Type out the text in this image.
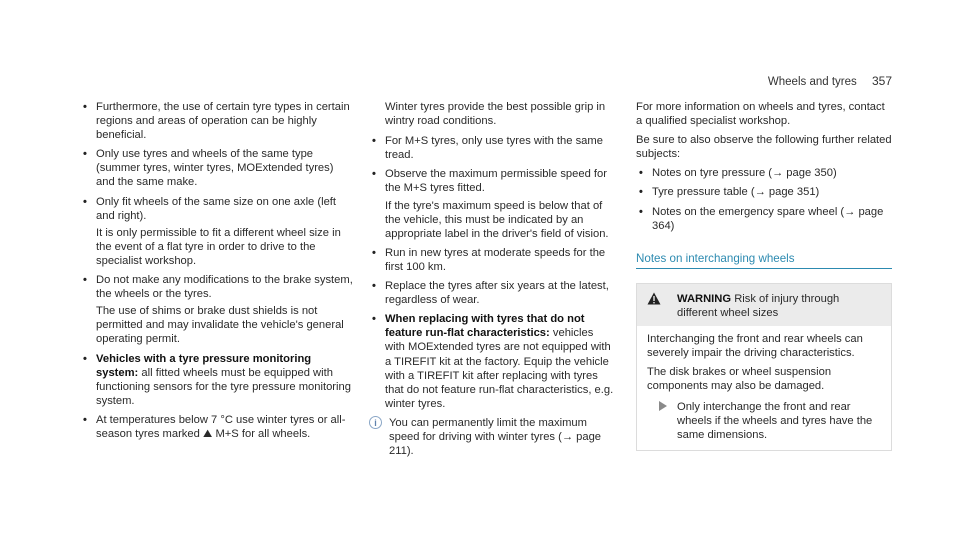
Wheels and tyres 357

• Furthermore, the use of certain tyre types in certain regions and areas of operation can be highly beneficial.

• Only use tyres and wheels of the same type (summer tyres, winter tyres, MOExtended tyres) and the same make.

• Only fit wheels of the same size on one axle (left and right).

It is only permissible to fit a different wheel size in the event of a flat tyre in order to drive to the specialist workshop.

• Do not make any modifications to the brake system, the wheels or the tyres.

The use of shims or brake dust shields is not permitted and may invalidate the vehicle's general operating permit.

• Vehicles with a tyre pressure monitoring system: all fitted wheels must be equipped with functioning sensors for the tyre pressure monitoring system.

• At temperatures below 7 °C use winter tyres or all-season tyres marked ⛰ M+S for all wheels.

Winter tyres provide the best possible grip in wintry road conditions.

• For M+S tyres, only use tyres with the same tread.

• Observe the maximum permissible speed for the M+S tyres fitted.

If the tyre's maximum speed is below that of the vehicle, this must be indicated by an appropriate label in the driver's field of vision.

• Run in new tyres at moderate speeds for the first 100 km.

• Replace the tyres after six years at the latest, regardless of wear.

• When replacing with tyres that do not feature run-flat characteristics: vehicles with MOExtended tyres are not equipped with a TIREFIT kit at the factory. Equip the vehicle with a TIREFIT kit after replacing with tyres that do not feature run-flat characteristics, e.g. winter tyres.

i	You can permanently limit the maximum speed for driving with winter tyres (→ page 211).

For more information on wheels and tyres, contact a qualified specialist workshop.

Be sure to also observe the following further related subjects:

• Notes on tyre pressure (→ page 350)

• Tyre pressure table (→ page 351)

• Notes on the emergency spare wheel (→ page 364)

Notes on interchanging wheels
WARNING Risk of injury through different wheel sizes

Interchanging the front and rear wheels can severely impair the driving characteristics.

The disk brakes or wheel suspension components may also be damaged.

Only interchange the front and rear wheels if the wheels and tyres have the same dimensions.
